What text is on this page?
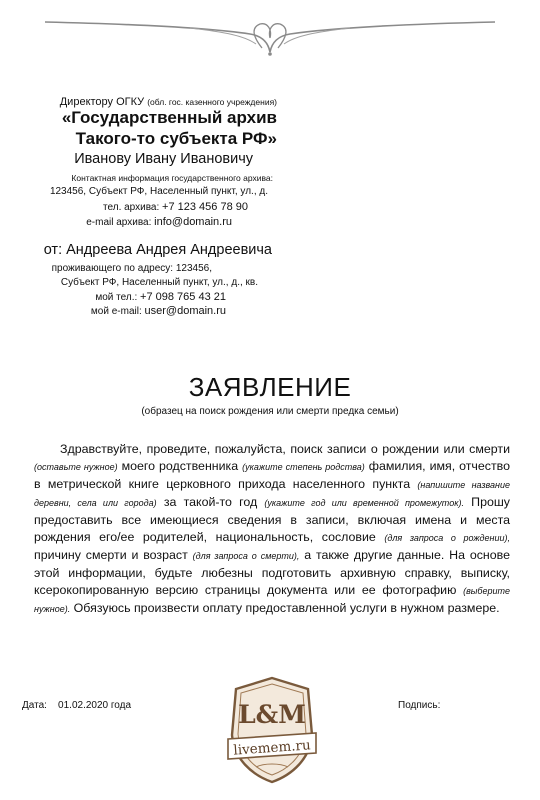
Директору ОГКУ (обл. гос. казенного учреждения)
«Государственный архив
Такого-то субъекта РФ»
Иванову Ивану Ивановичу
Контактная информация государственного архива:
123456, Субъект РФ, Населенный пункт, ул., д.
тел. архива: +7 123 456 78 90
e-mail архива: info@domain.ru
от: Андреева Андрея Андреевича
проживающего по адресу: 123456,
Субъект РФ, Населенный пункт, ул., д., кв.
мой тел.: +7 098 765 43 21
мой e-mail: user@domain.ru
ЗАЯВЛЕНИЕ
(образец на поиск рождения или смерти предка семьи)
Здравствуйте, проведите, пожалуйста, поиск записи о рождении или смерти (оставьте нужное) моего родственника (укажите степень родства) фамилия, имя, отчество в метрической книге церковного прихода населенного пункта (напишите название деревни, села или города) за такой-то год (укажите год или временной промежуток). Прошу предоставить все имеющиеся сведения в записи, включая имена и места рождения его/ее родителей, национальность, сословие (для запроса о рождении), причину смерти и возраст (для запроса о смерти), а также другие данные. На основе этой информации, будьте любезны подготовить архивную справку, выписку, ксерокопированную версию страницы документа или ее фотографию (выберите нужное). Обязуюсь произвести оплату предоставленной услуги в нужном размере.
Дата: 01.02.2020 года	Подпись:
L&M
livemem.ru
